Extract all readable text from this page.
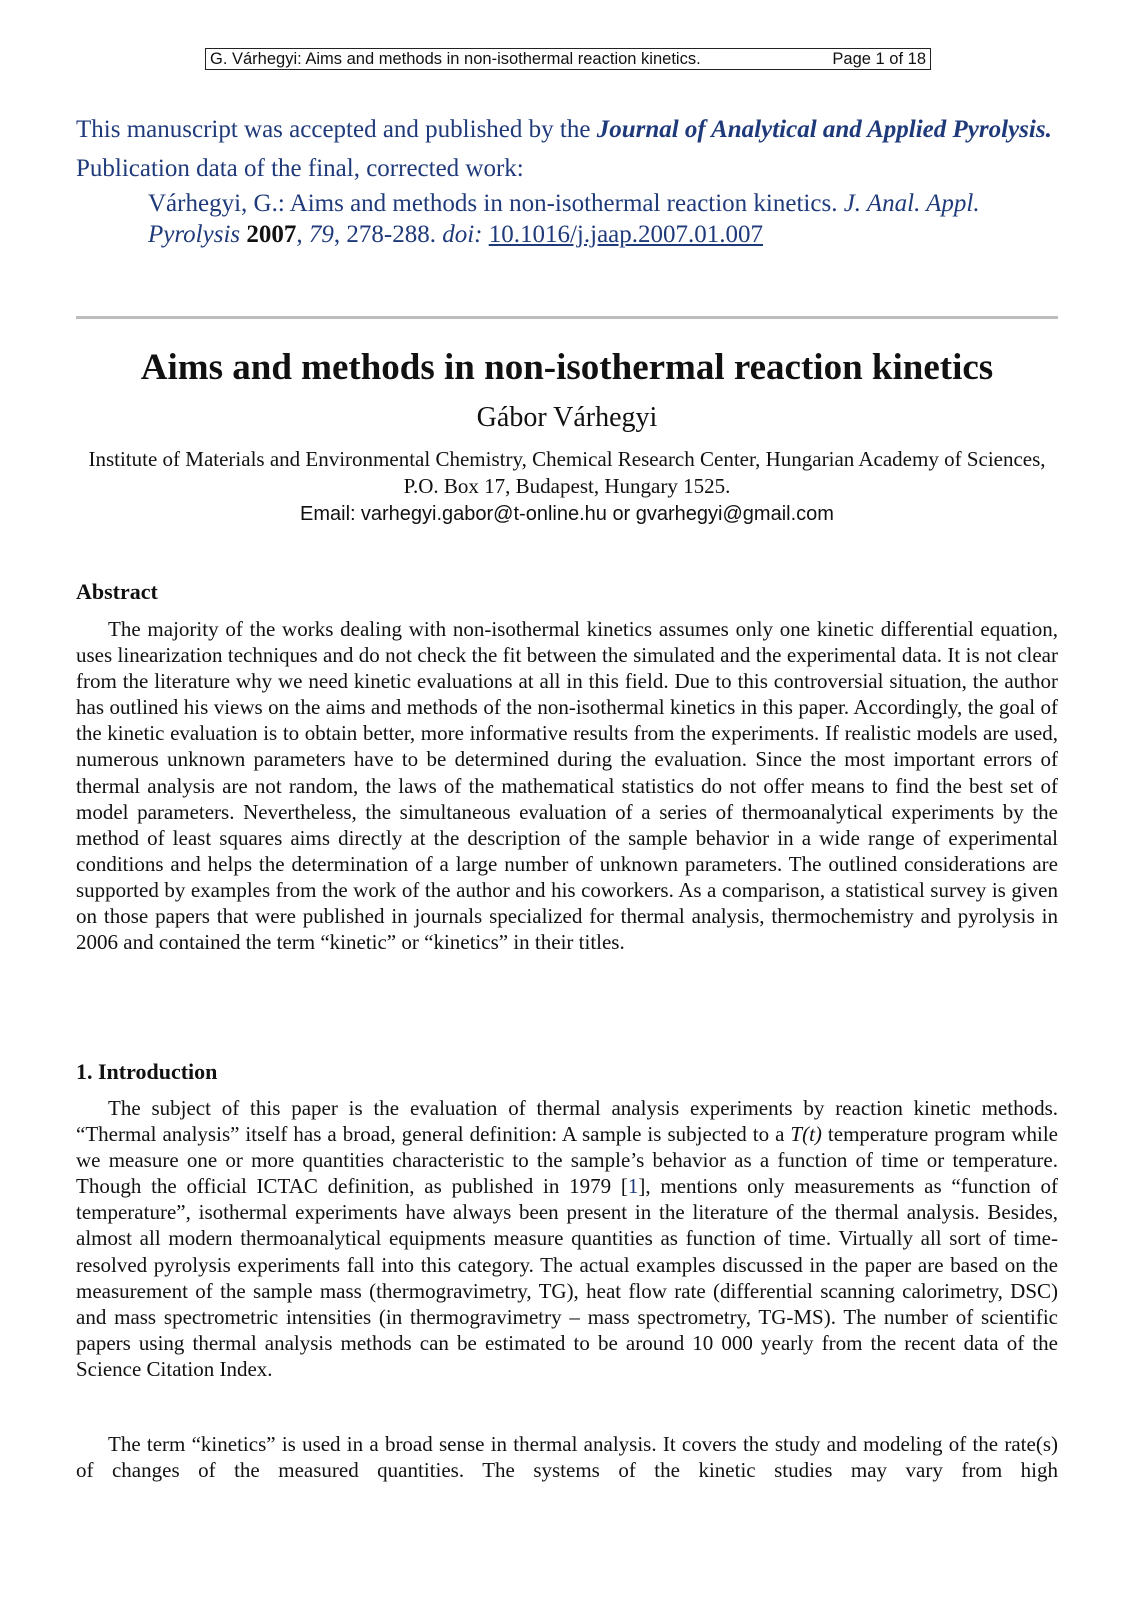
G. Várhegyi: Aims and methods in non-isothermal reaction kinetics.	Page 1 of 18

This manuscript was accepted and published by the Journal of Analytical and Applied Pyrolysis.

Publication data of the final, corrected work:

Várhegyi, G.: Aims and methods in non-isothermal reaction kinetics. J. Anal. Appl. Pyrolysis 2007, 79, 278-288. doi: 10.1016/j.jaap.2007.01.007

Aims and methods in non-isothermal reaction kinetics
Gábor Várhegyi
Institute of Materials and Environmental Chemistry, Chemical Research Center, Hungarian Academy of Sciences, P.O. Box 17, Budapest, Hungary 1525.
Email: varhegyi.gabor@t-online.hu or gvarhegyi@gmail.com
Abstract

The majority of the works dealing with non-isothermal kinetics assumes only one kinetic differential equation, uses linearization techniques and do not check the fit between the simulated and the experimental data. It is not clear from the literature why we need kinetic evaluations at all in this field. Due to this controversial situation, the author has outlined his views on the aims and methods of the non-isothermal kinetics in this paper. Accordingly, the goal of the kinetic evaluation is to obtain better, more informative results from the experiments. If realistic models are used, numerous unknown parameters have to be determined during the evaluation. Since the most important errors of thermal analysis are not random, the laws of the mathematical statistics do not offer means to find the best set of model parameters. Nevertheless, the simultaneous evaluation of a series of thermoanalytical experiments by the method of least squares aims directly at the description of the sample behavior in a wide range of experimental conditions and helps the determination of a large number of unknown parameters. The outlined considerations are supported by examples from the work of the author and his coworkers. As a comparison, a statistical survey is given on those papers that were published in journals specialized for thermal analysis, thermochemistry and pyrolysis in 2006 and contained the term “kinetic” or “kinetics” in their titles.

1. Introduction

The subject of this paper is the evaluation of thermal analysis experiments by reaction kinetic methods. “Thermal analysis” itself has a broad, general definition: A sample is subjected to a T(t) temperature program while we measure one or more quantities characteristic to the sample’s behavior as a function of time or temperature. Though the official ICTAC definition, as published in 1979 [1], mentions only measurements as “function of temperature”, isothermal experiments have always been present in the literature of the thermal analysis. Besides, almost all modern thermoanalytical equipments measure quantities as function of time. Virtually all sort of time-resolved pyrolysis experiments fall into this category. The actual examples discussed in the paper are based on the measurement of the sample mass (thermogravimetry, TG), heat flow rate (differential scanning calorimetry, DSC) and mass spectrometric intensities (in thermogravimetry – mass spectrometry, TG-MS). The number of scientific papers using thermal analysis methods can be estimated to be around 10 000 yearly from the recent data of the Science Citation Index.

The term “kinetics” is used in a broad sense in thermal analysis. It covers the study and modeling of the rate(s) of changes of the measured quantities. The systems of the kinetic studies may vary from high
